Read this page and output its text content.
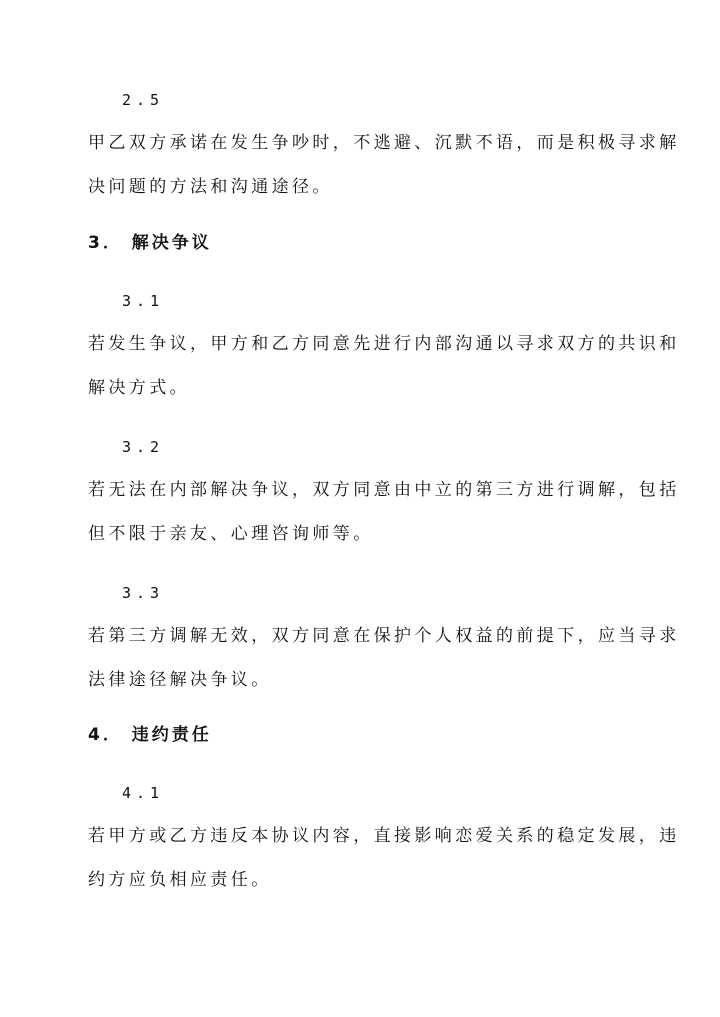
2.5
甲乙双方承诺在发生争吵时，不逃避、沉默不语，而是积极寻求解
决问题的方法和沟通途径。
3． 解决争议
3.1
若发生争议，甲方和乙方同意先进行内部沟通以寻求双方的共识和
解决方式。
3.2
若无法在内部解决争议，双方同意由中立的第三方进行调解，包括
但不限于亲友、心理咨询师等。
3.3
若第三方调解无效，双方同意在保护个人权益的前提下，应当寻求
法律途径解决争议。
4． 违约责任
4.1
若甲方或乙方违反本协议内容，直接影响恋爱关系的稳定发展，违
约方应负相应责任。
